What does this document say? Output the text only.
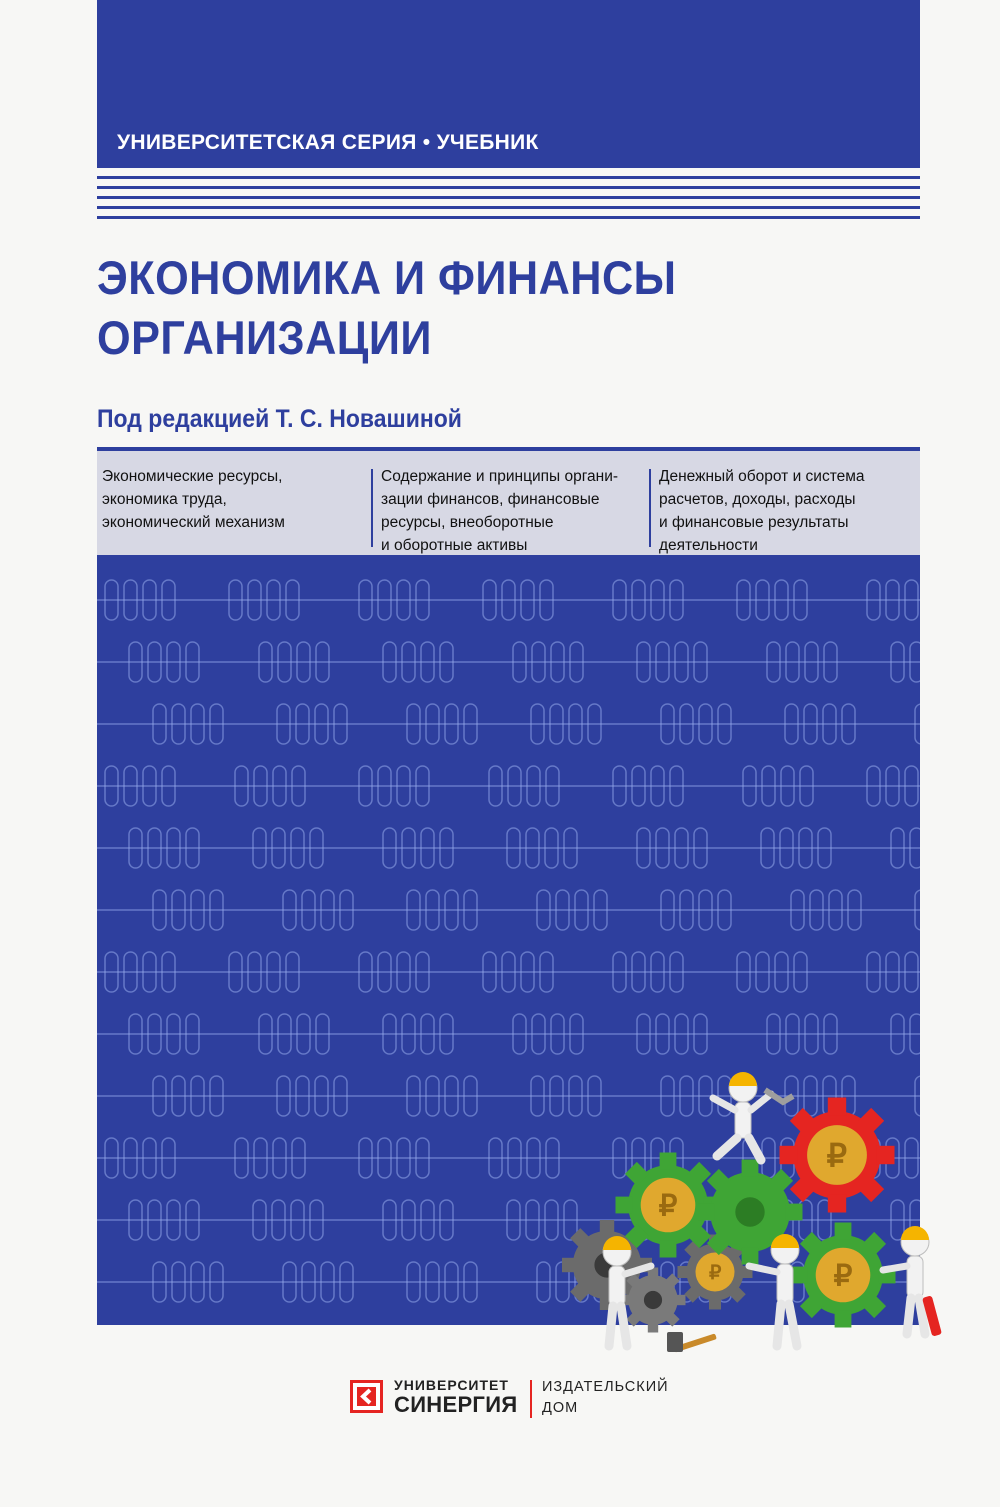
УНИВЕРСИТЕТСКАЯ СЕРИЯ • УЧЕБНИК
ЭКОНОМИКА И ФИНАНСЫ
ОРГАНИЗАЦИИ
Под редакцией Т. С. Новашиной
Экономические ресурсы,
экономика труда,
экономический механизм
Содержание и принципы органи-
зации финансов, финансовые
ресурсы, внеоборотные
и оборотные активы
Денежный оборот и система
расчетов, доходы, расходы
и финансовые результаты
деятельности
₽
₽
₽
₽
УНИВЕРСИТЕТ
СИНЕРГИЯ
ИЗДАТЕЛЬСКИЙ
ДОМ
